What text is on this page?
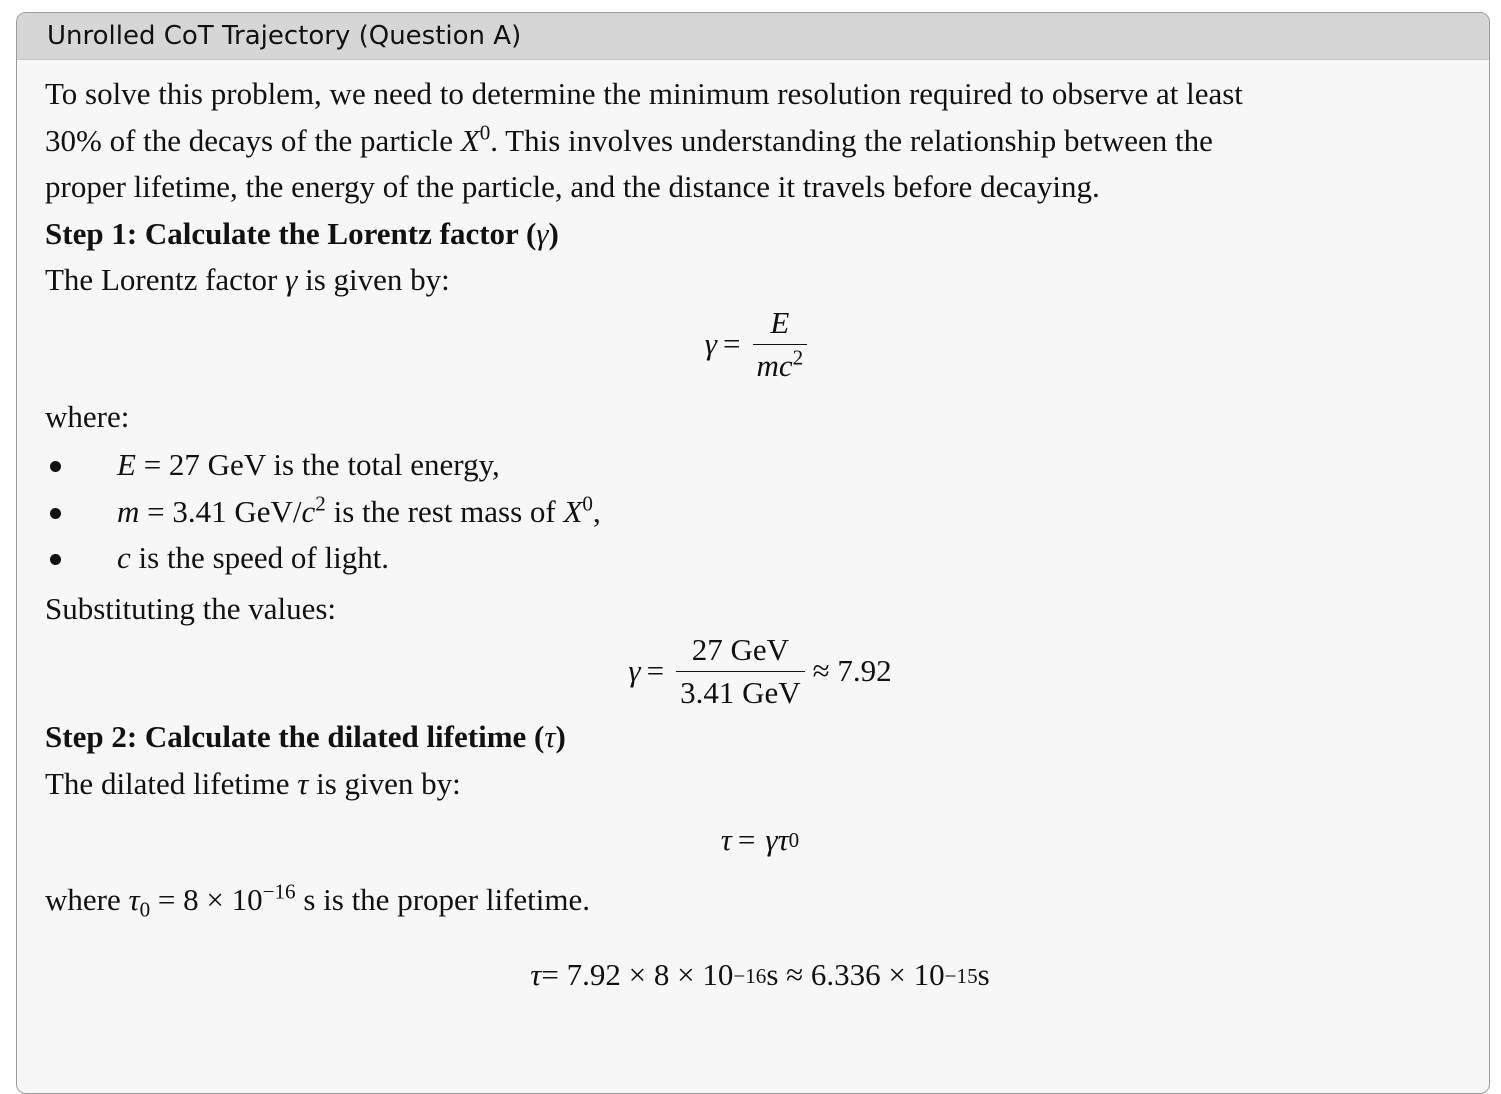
Unrolled CoT Trajectory (Question A)

To solve this problem, we need to determine the minimum resolution required to observe at least
30% of the decays of the particle $X^0$. This involves understanding the relationship between the
proper lifetime, the energy of the particle, and the distance it travels before decaying.

Step 1: Calculate the Lorentz factor (γ)

The Lorentz factor γ is given by:

$\gamma = \frac{E}{mc^2}$

where:

E = 27 GeV is the total energy,
m = 3.41 GeV/$c^2$ is the rest mass of $X^0$,
c is the speed of light.

Substituting the values:

$\gamma = \frac{\text{27 GeV}}{\text{3.41 GeV}} \approx 7.92$

Step 2: Calculate the dilated lifetime (τ)

The dilated lifetime τ is given by:

τ = γτ 0

where $\tau_0 = 8 \times 10^{-16}$ s is the proper lifetime.

τ = 7.92 × 8 × 10 −16 s ≈ 6.336 × 10 −15 s
